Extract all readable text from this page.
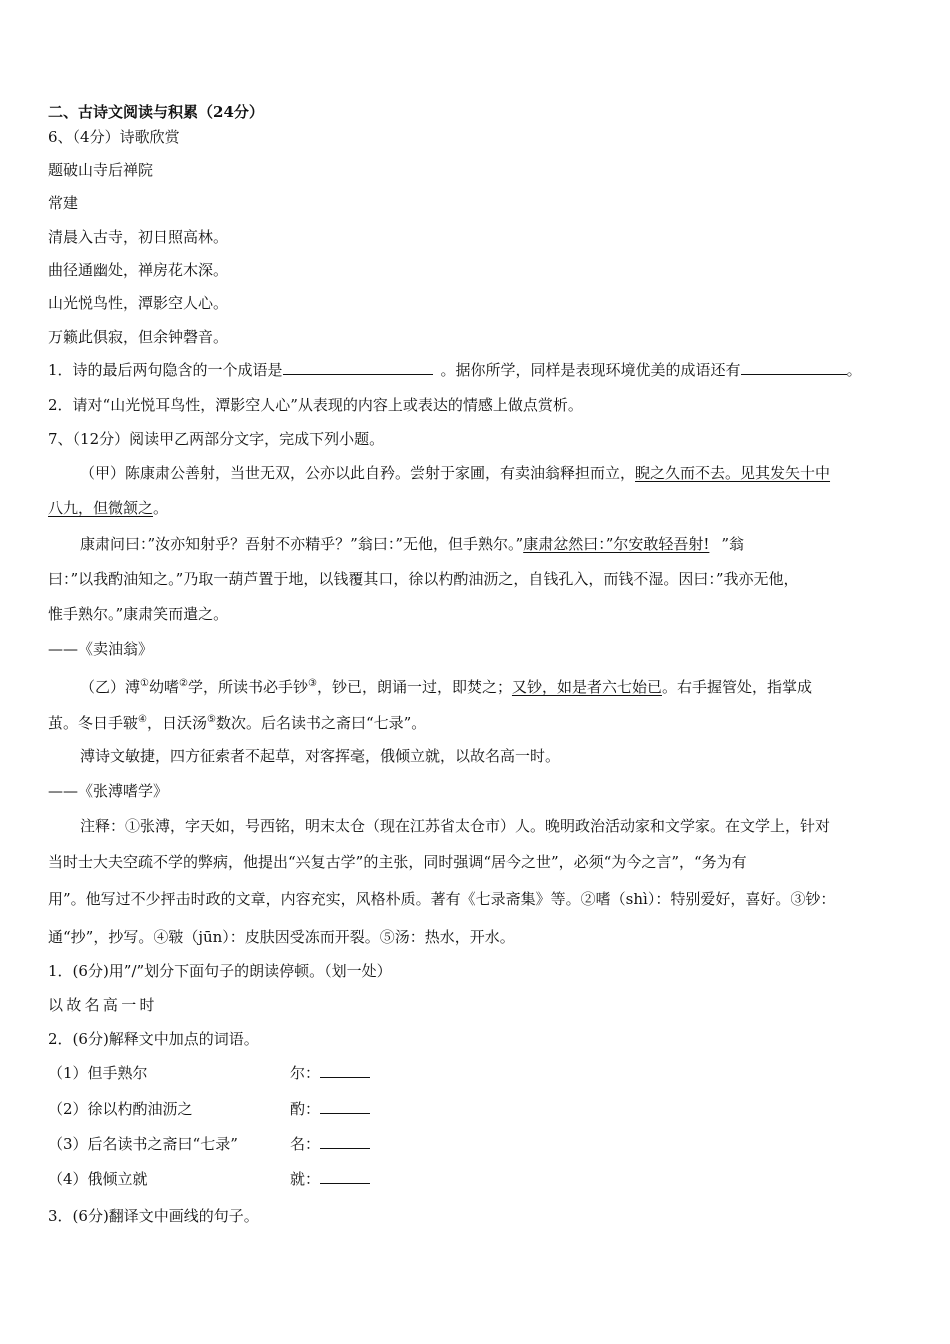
二、古诗文阅读与积累（24分）
6、（4分）诗歌欣赏
题破山寺后禅院
常建
清晨入古寺，初日照高林。
曲径通幽处，禅房花木深。
山光悦鸟性，潭影空人心。
万籁此俱寂，但余钟磬音。
1．诗的最后两句隐含的一个成语是	。据你所学，同样是表现环境优美的成语还有	。
2．请对“山光悦耳鸟性，潭影空人心”从表现的内容上或表达的情感上做点赏析。
7、（12分）阅读甲乙两部分文字，完成下列小题。
（甲）陈康肃公善射，当世无双，公亦以此自矜。尝射于家圃，有卖油翁释担而立，睨之久而不去。见其发矢十中
八九，但微颔之。
康肃问曰：”汝亦知射乎？吾射不亦精乎？”翁曰：”无他，但手熟尔。”康肃忿然曰：”尔安敢轻吾射! ”翁
曰：”以我酌油知之。”乃取一葫芦置于地，以钱覆其口，徐以杓酌油沥之，自钱孔入，而钱不湿。因曰：”我亦无他，
惟手熟尔。”康肃笑而遣之。
——《卖油翁》
（乙）溥①幼嗜②学，所读书必手钞③，钞已，朗诵一过，即焚之；又钞，如是者六七始已。右手握管处，指掌成
茧。冬日手皲④，日沃汤⑤数次。后名读书之斋曰“七录”。
溥诗文敏捷，四方征索者不起草，对客挥毫，俄倾立就，以故名高一时。
——《张溥嗜学》
注释：①张溥，字天如，号西铭，明末太仓（现在江苏省太仓市）人。晚明政治活动家和文学家。在文学上，针对
当时士大夫空疏不学的弊病，他提出“兴复古学”的主张，同时强调“居今之世”，必须“为今之言”，“务为有
用”。他写过不少抨击时政的文章，内容充实，风格朴质。著有《七录斋集》等。②嗜（shì）：特别爱好，喜好。③钞：
通“抄”，抄写。④皲（jūn）：皮肤因受冻而开裂。⑤汤：热水，开水。
1．(6分)用”/”划分下面句子的朗读停顿。（划一处）
以故名高一时
2．(6分)解释文中加点的词语。
（1）但手熟尔	尔：
（2）徐以杓酌油沥之	酌：
（3）后名读书之斋曰“七录”	名：
（4）俄倾立就	就：
3．(6分)翻译文中画线的句子。
